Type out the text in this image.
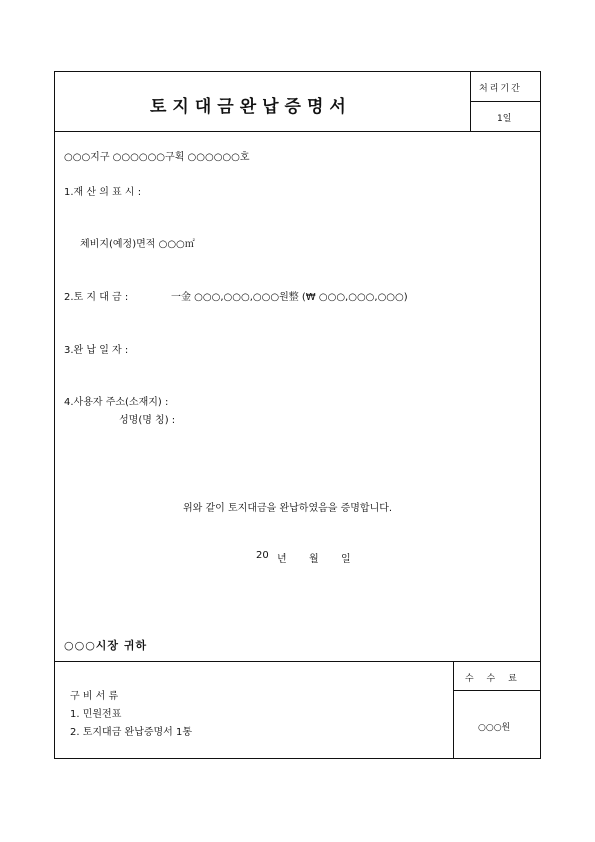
토지대금완납증명서
처리기간
1일
○○○지구 ○○○○○○구획 ○○○○○○호
1.재 산 의 표 시 :
체비지(예정)면적 ○○○㎡
2.토 지 대 금 :	一金 ○○○,○○○,○○○원整 (₩ ○○○,○○○,○○○)
3.완 납 일 자 :
4.사용자 주소(소재지) :
성명(명 칭) :
위와 같이 토지대금을 완납하였음을 증명합니다.
20 년 월 일
○○○시장 귀하
구 비 서 류
1. 민원전표
2. 토지대금 완납증명서 1통
수 수 료
○○○원
